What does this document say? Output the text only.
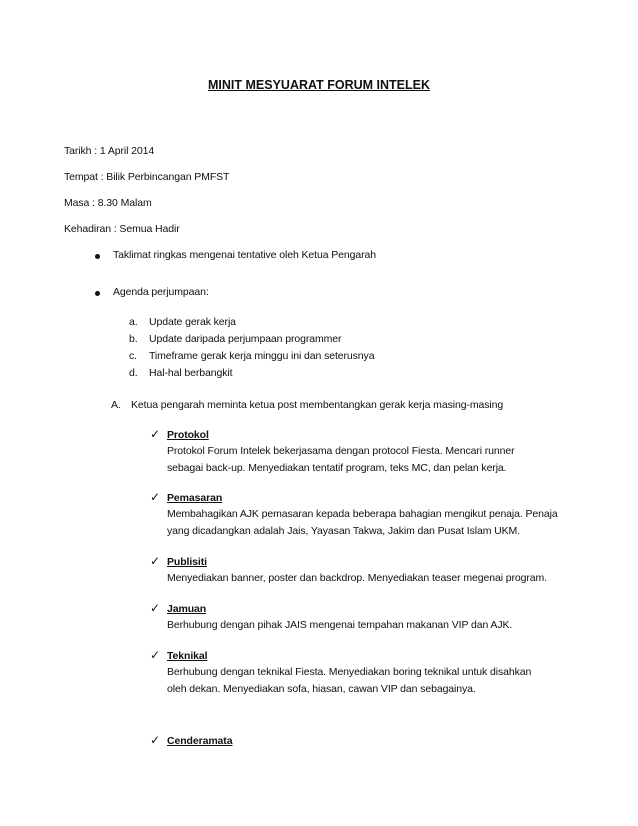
MINIT MESYUARAT FORUM INTELEK
Tarikh : 1 April 2014
Tempat : Bilik Perbincangan PMFST
Masa : 8.30 Malam
Kehadiran : Semua Hadir
Taklimat ringkas mengenai tentative oleh Ketua Pengarah
Agenda perjumpaan:
a. Update gerak kerja
b. Update daripada perjumpaan programmer
c. Timeframe gerak kerja minggu ini dan seterusnya
d. Hal-hal berbangkit
A. Ketua pengarah meminta ketua post membentangkan gerak kerja masing-masing
✓ Protokol
Protokol Forum Intelek bekerjasama dengan protocol Fiesta. Mencari runner
sebagai back-up. Menyediakan tentatif program, teks MC, dan pelan kerja.
✓ Pemasaran
Membahagikan AJK pemasaran kepada beberapa bahagian mengikut penaja. Penaja
yang dicadangkan adalah Jais, Yayasan Takwa, Jakim dan Pusat Islam UKM.
✓ Publisiti
Menyediakan banner, poster dan backdrop. Menyediakan teaser megenai program.
✓ Jamuan
Berhubung dengan pihak JAIS mengenai tempahan makanan VIP dan AJK.
✓ Teknikal
Berhubung dengan teknikal Fiesta. Menyediakan boring teknikal untuk disahkan
oleh dekan. Menyediakan sofa, hiasan, cawan VIP dan sebagainya.
✓ Cenderamata
